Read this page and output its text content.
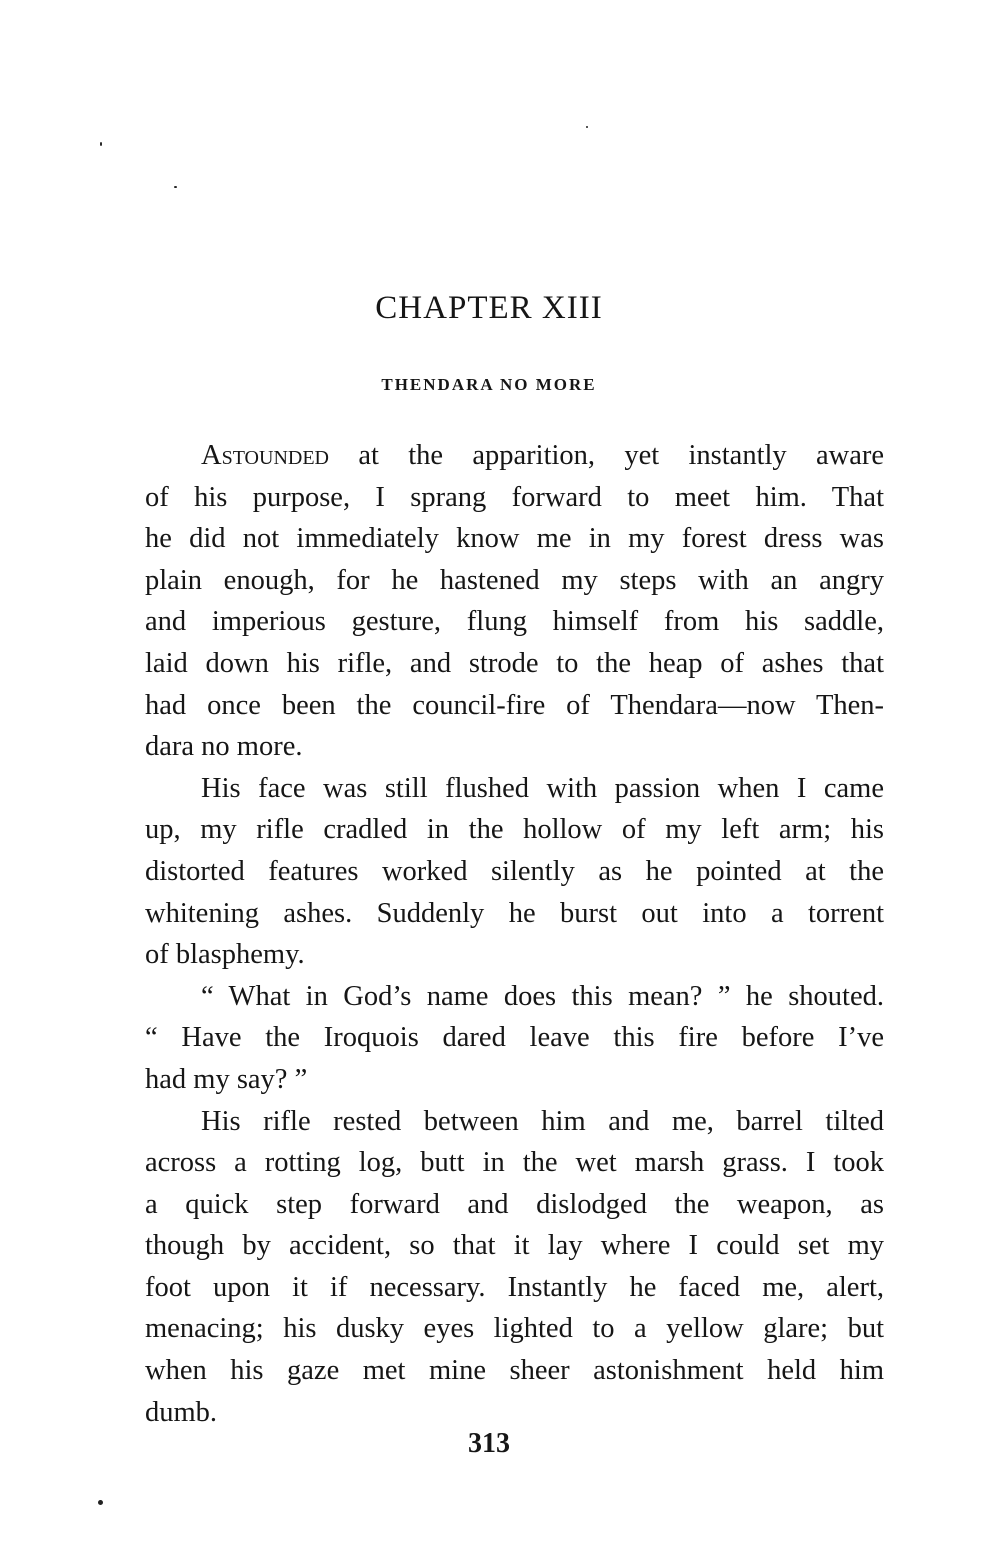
CHAPTER XIII
THENDARA NO MORE

Astounded at the apparition, yet instantly aware
of his purpose, I sprang forward to meet him. That
he did not immediately know me in my forest dress was
plain enough, for he hastened my steps with an angry
and imperious gesture, flung himself from his saddle,
laid down his rifle, and strode to the heap of ashes that
had once been the council-fire of Thendara—now Then-
dara no more.

His face was still flushed with passion when I came
up, my rifle cradled in the hollow of my left arm; his
distorted features worked silently as he pointed at the
whitening ashes. Suddenly he burst out into a torrent
of blasphemy.

“ What in God’s name does this mean? ” he shouted.
“ Have the Iroquois dared leave this fire before I’ve
had my say? ”

His rifle rested between him and me, barrel tilted
across a rotting log, butt in the wet marsh grass. I took
a quick step forward and dislodged the weapon, as
though by accident, so that it lay where I could set my
foot upon it if necessary. Instantly he faced me, alert,
menacing; his dusky eyes lighted to a yellow glare; but
when his gaze met mine sheer astonishment held him
dumb.

313
